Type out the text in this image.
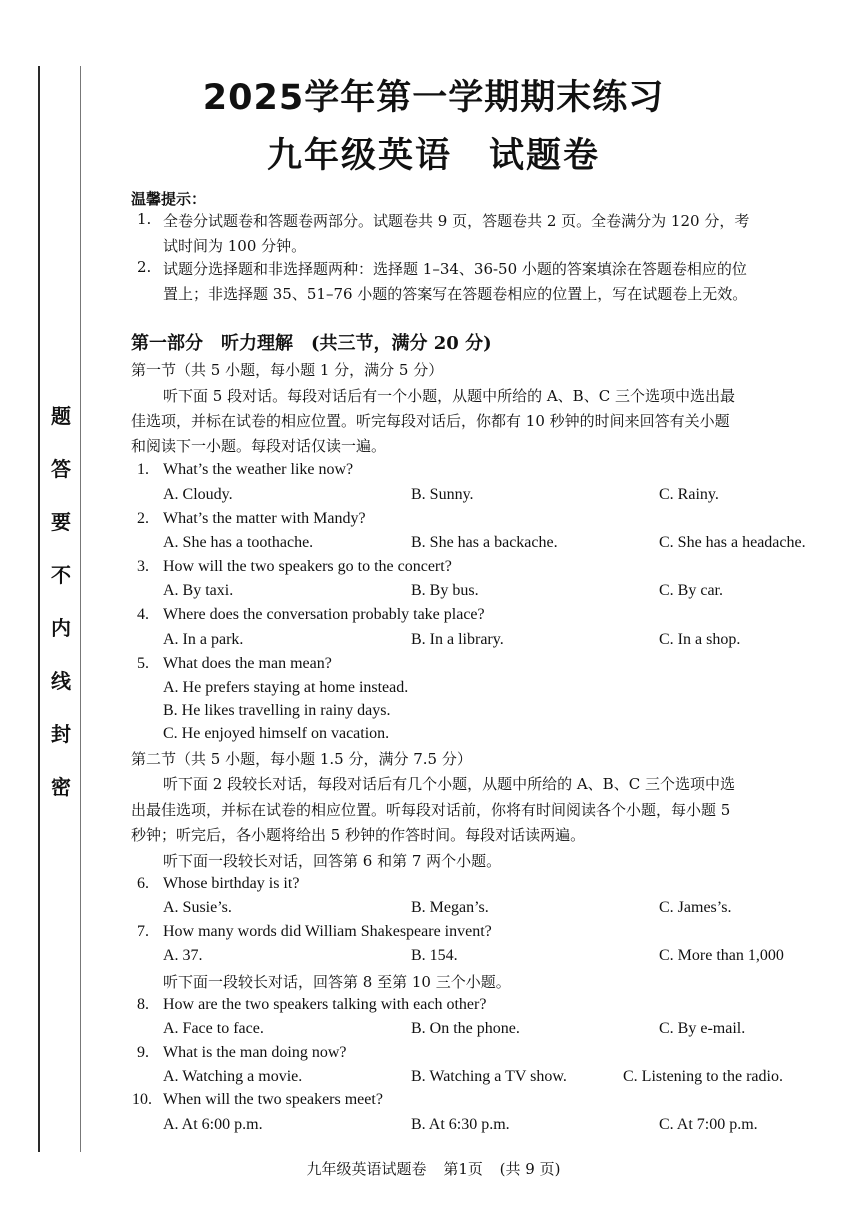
题
答
要
不
内
线
封
密
2025学年第一学期期末练习
九年级英语　试题卷
温馨提示：
1. 全卷分试题卷和答题卷两部分。试题卷共 9 页，答题卷共 2 页。全卷满分为 120 分，考
试时间为 100 分钟。
2. 试题分选择题和非选择题两种：选择题 1–34、36-50 小题的答案填涂在答题卷相应的位
置上；非选择题 35、51–76 小题的答案写在答题卷相应的位置上，写在试题卷上无效。
第一部分　听力理解　(共三节，满分 20 分)
第一节（共 5 小题，每小题 1 分，满分 5 分）
听下面 5 段对话。每段对话后有一个小题，从题中所给的 A、B、C 三个选项中选出最
佳选项，并标在试卷的相应位置。听完每段对话后，你都有 10 秒钟的时间来回答有关小题
和阅读下一小题。每段对话仅读一遍。
1. What’s the weather like now?
A. Cloudy.	B. Sunny.	C. Rainy.
2. What’s the matter with Mandy?
A. She has a toothache.	B. She has a backache.	C. She has a headache.
3. How will the two speakers go to the concert?
A. By taxi.	B. By bus.	C. By car.
4. Where does the conversation probably take place?
A. In a park.	B. In a library.	C. In a shop.
5. What does the man mean?
A. He prefers staying at home instead.
B. He likes travelling in rainy days.
C. He enjoyed himself on vacation.
第二节（共 5 小题，每小题 1.5 分，满分 7.5 分）
听下面 2 段较长对话，每段对话后有几个小题，从题中所给的 A、B、C 三个选项中选
出最佳选项，并标在试卷的相应位置。听每段对话前，你将有时间阅读各个小题，每小题 5
秒钟；听完后，各小题将给出 5 秒钟的作答时间。每段对话读两遍。
听下面一段较长对话，回答第 6 和第 7 两个小题。
6. Whose birthday is it?
A. Susie’s.	B. Megan’s.	C. James’s.
7. How many words did William Shakespeare invent?
A. 37.	B. 154.	C. More than 1,000
听下面一段较长对话，回答第 8 至第 10 三个小题。
8. How are the two speakers talking with each other?
A. Face to face.	B. On the phone.	C. By e-mail.
9. What is the man doing now?
A. Watching a movie.	B. Watching a TV show.	C. Listening to the radio.
10. When will the two speakers meet?
A. At 6:00 p.m.	B. At 6:30 p.m.	C. At 7:00 p.m.
九年级英语试题卷 第1页 (共 9 页)
